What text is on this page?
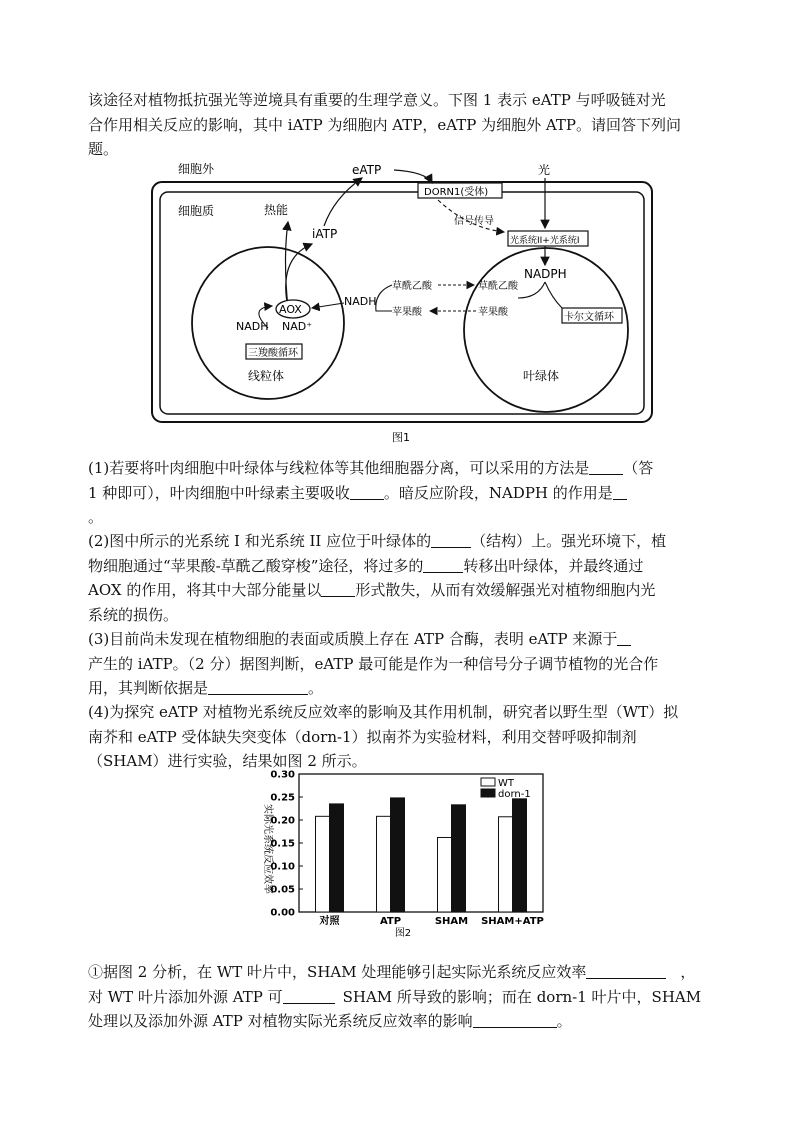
该途径对植物抵抗强光等逆境具有重要的生理学意义。下图 1 表示 eATP 与呼吸链对光

合作用相关反应的影响，其中 iATP 为细胞内 ATP，eATP 为细胞外 ATP。请回答下列问

题。

细胞外
细胞质
DORN1(受体)
eATP	光
信号传导
光系统II+光系统I
热能
iATP
AOX
NADH NAD⁺
三羧酸循环
线粒体
NADPH
卡尔文循环
草酰乙酸
苹果酸
草酰乙酸
苹果酸
NADH
叶绿体
图1

(1)若要将叶肉细胞中叶绿体与线粒体等其他细胞器分离，可以采用的方法是 （答

1 种即可），叶肉细胞中叶绿素主要吸收 。暗反应阶段，NADPH 的作用是

。

(2)图中所示的光系统 I 和光系统 II 应位于叶绿体的	（结构）上。强光环境下，植

物细胞通过“苹果酸-草酰乙酸穿梭”途径，将过多的	转移出叶绿体，并最终通过

AOX 的作用，将其中大部分能量以 形式散失，从而有效缓解强光对植物细胞内光

系统的损伤。

(3)目前尚未发现在植物细胞的表面或质膜上存在 ATP 合酶，表明 eATP 来源于

产生的 iATP。（2 分）据图判断，eATP 最可能是作为一种信号分子调节植物的光合作

用，其判断依据是	。

(4)为探究 eATP 对植物光系统反应效率的影响及其作用机制，研究者以野生型（WT）拟

南芥和 eATP 受体缺失突变体（dorn-1）拟南芥为实验材料，利用交替呼吸抑制剂

（SHAM）进行实验，结果如图 2 所示。

实际光系统反应效率
0.00
0.05
0.10
0.15
0.20
0.25
0.30
对照	ATP	SHAM SHAM+ATP
WT
dorn-1
图2

①据图 2 分析，在 WT 叶片中，SHAM 处理能够引起实际光系统反应效率	，

对 WT 叶片添加外源 ATP 可	SHAM 所导致的影响；而在 dorn-1 叶片中，SHAM

处理以及添加外源 ATP 对植物实际光系统反应效率的影响	。
